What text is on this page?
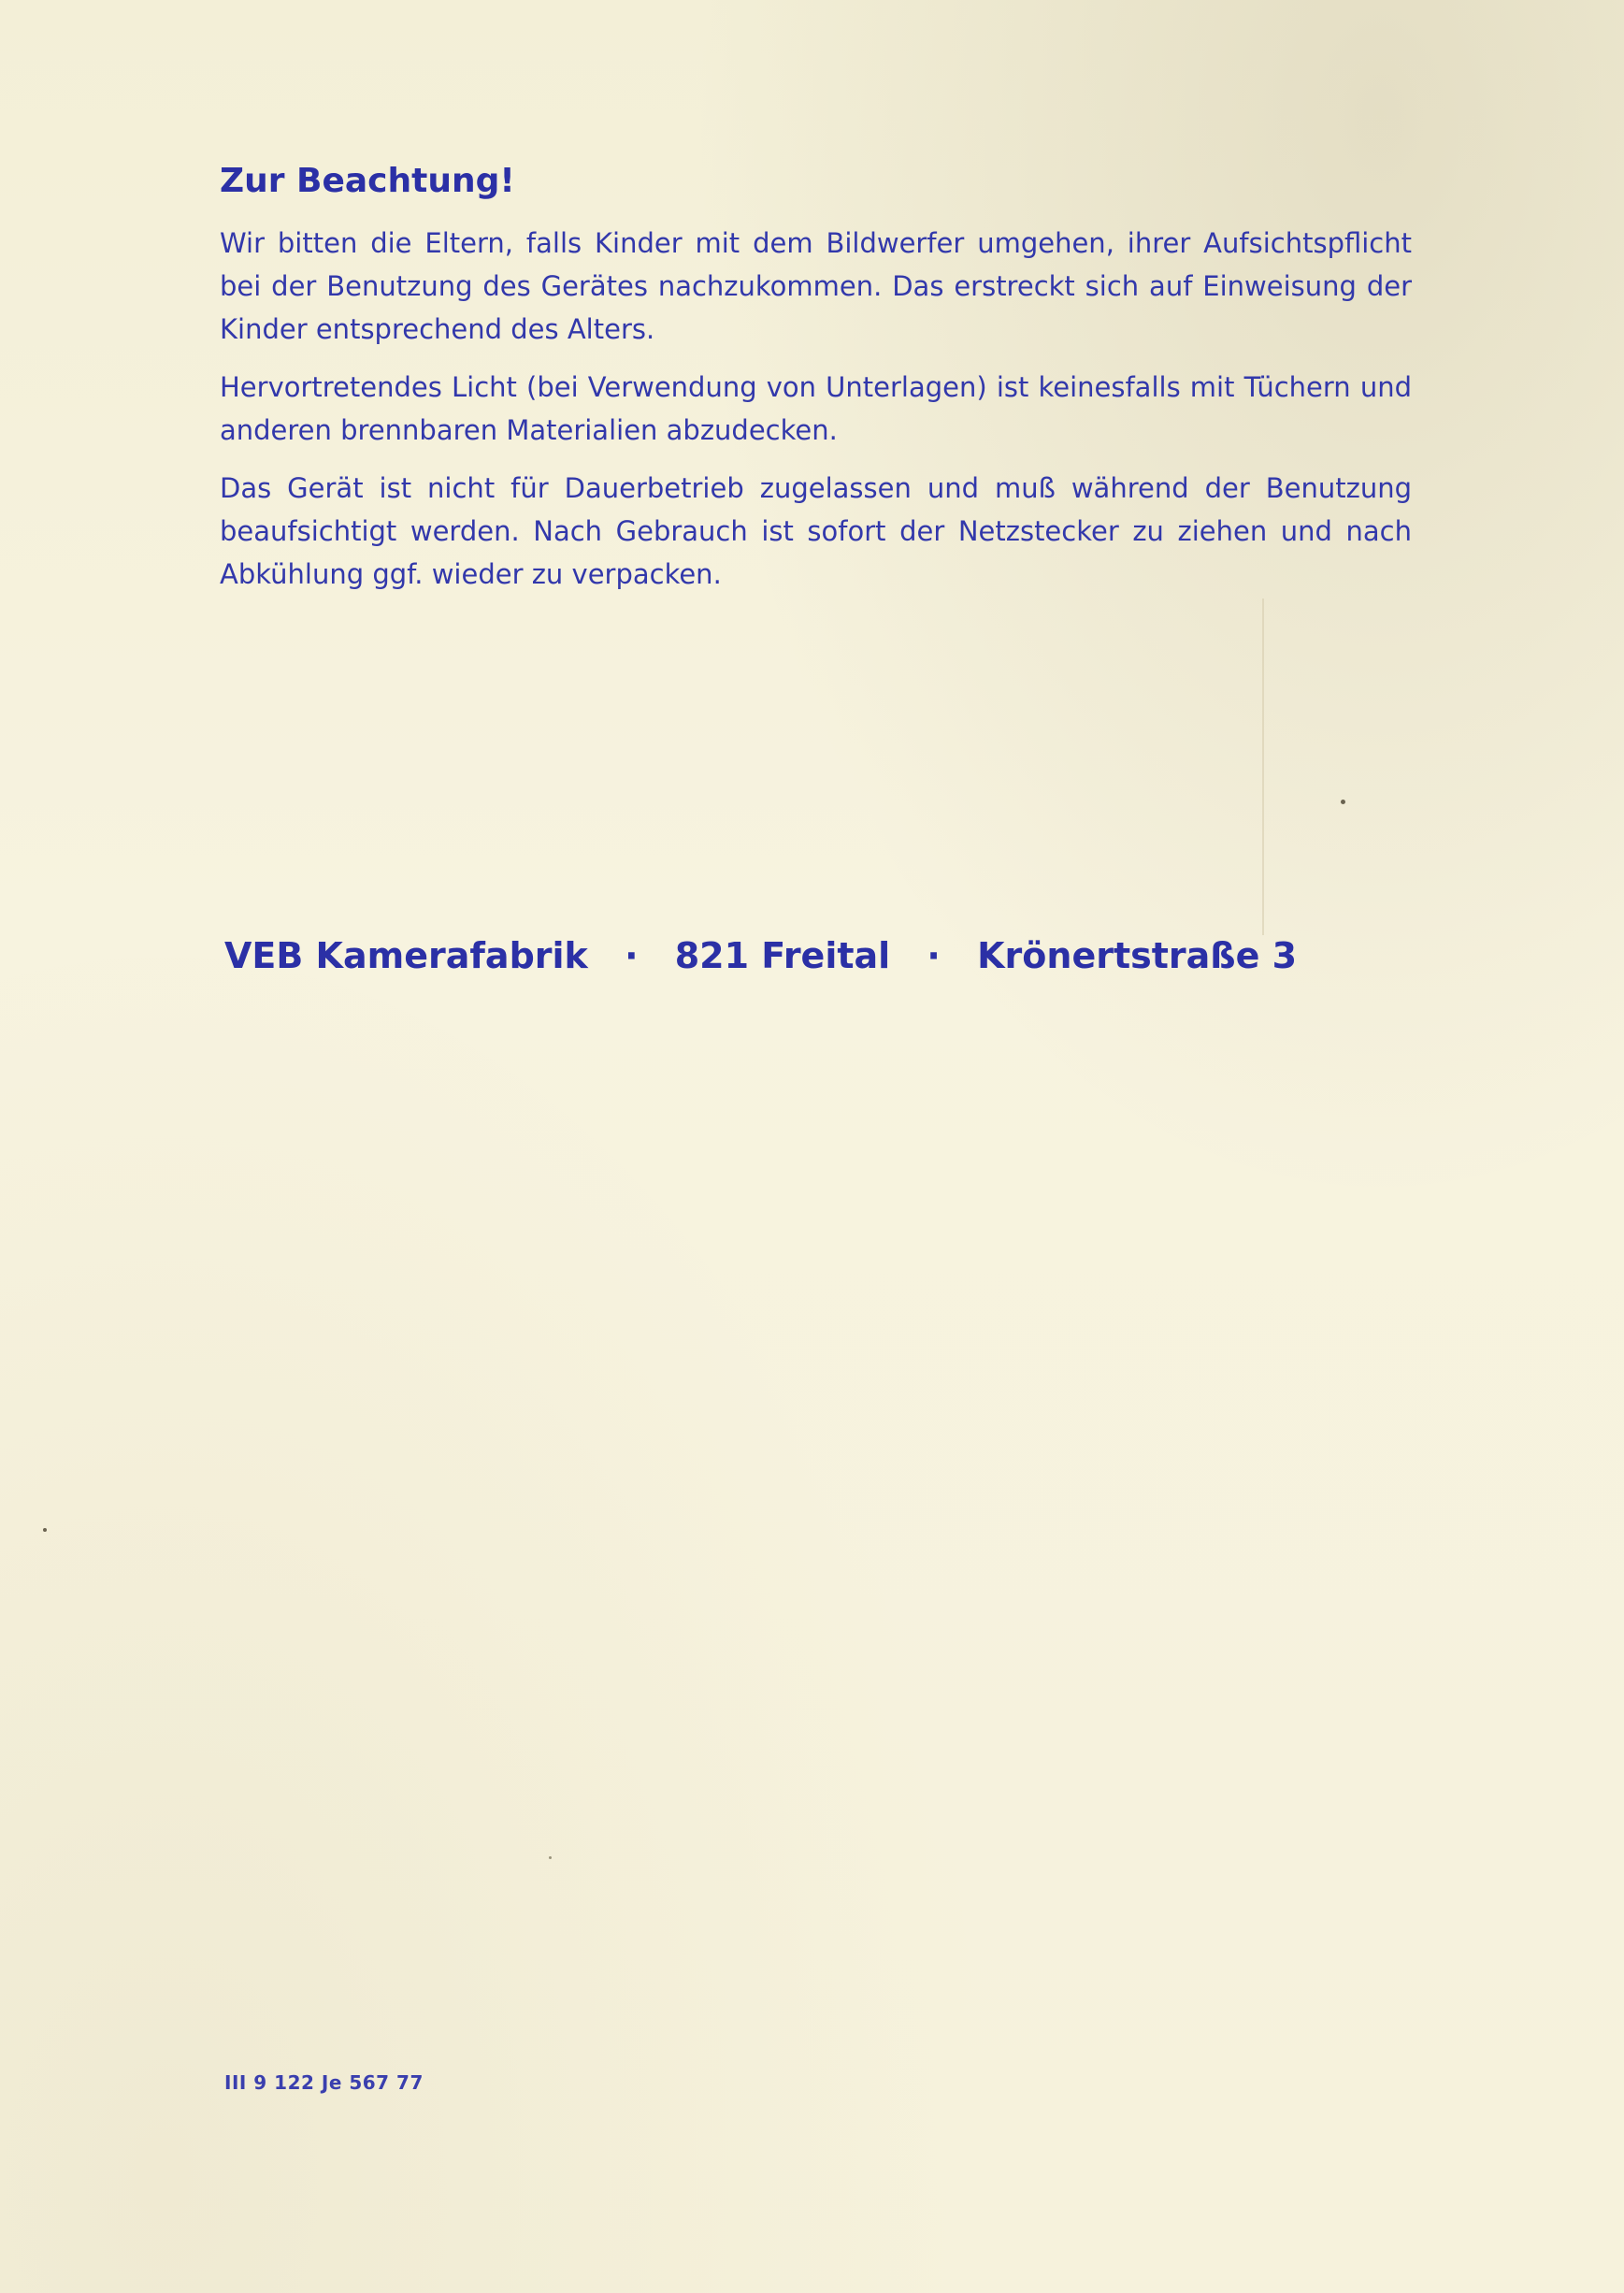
Zur Beachtung!

Wir bitten die Eltern, falls Kinder mit dem Bildwerfer umgehen, ihrer Aufsichtspflicht bei der Benutzung des Gerätes nachzukommen. Das erstreckt sich auf Einweisung der Kinder entsprechend des Alters.

Hervortretendes Licht (bei Verwendung von Unterlagen) ist keinesfalls mit Tüchern und anderen brennbaren Materialien abzudecken.

Das Gerät ist nicht für Dauerbetrieb zugelassen und muß während der Benutzung beaufsichtigt werden. Nach Gebrauch ist sofort der Netzstecker zu ziehen und nach Abkühlung ggf. wieder zu verpacken.

VEB Kamerafabrik · 821 Freital · Krönertstraße 3
III 9 122 Je 567 77
